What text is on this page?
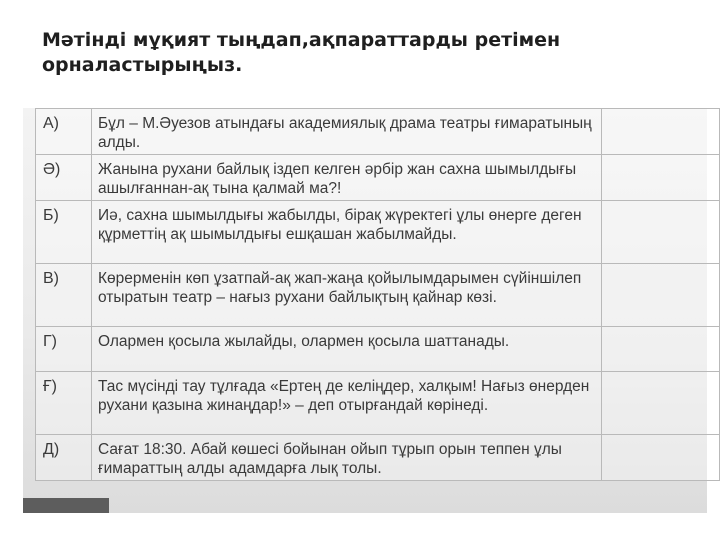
Мәтінді мұқият тыңдап,ақпараттарды ретімен орналастырыңыз.
А)	Бұл – М.Әуезов атындағы академиялық драма театры ғимаратының алды.	
Ә)	Жанына рухани байлық іздеп келген әрбір жан сахна шымылдығы ашылғаннан-ақ тына қалмай ма?!	
Б)	Иә, сахна шымылдығы жабылды, бірақ жүректегі ұлы өнерге деген құрметтің ақ шымылдығы ешқашан жабылмайды.	
В)	Көрерменін көп ұзатпай-ақ жап-жаңа қойылымдарымен сүйіншілеп отыратын театр – нағыз рухани байлықтың қайнар көзі.	
Г)	Олармен қосыла жылайды, олармен қосыла шаттанады.	
Ғ)	Тас мүсінді тау тұлғада «Ертең де келіңдер, халқым! Нағыз өнерден рухани қазына жинаңдар!» – деп отырғандай көрінеді.	
Д)	Сағат 18:30. Абай көшесі бойынан ойып тұрып орын теппен ұлы ғимараттың алды адамдарға лық толы.	
